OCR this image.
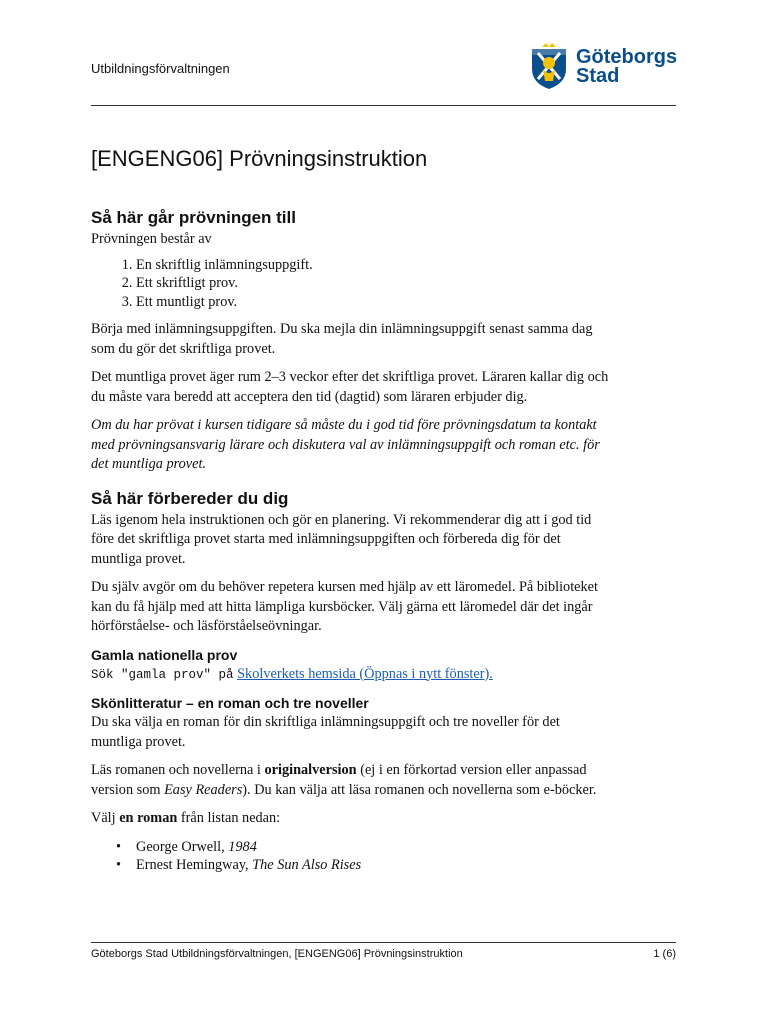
Utbildningsförvaltningen
Göteborgs
Stad
[ENGENG06] Prövningsinstruktion
Så här går prövningen till

Prövningen består av

1. En skriftlig inlämningsuppgift.
2. Ett skriftligt prov.
3. Ett muntligt prov.

Börja med inlämningsuppgiften. Du ska mejla din inlämningsuppgift senast samma dag som du gör det skriftliga provet.

Det muntliga provet äger rum 2–3 veckor efter det skriftliga provet. Läraren kallar dig och du måste vara beredd att acceptera den tid (dagtid) som läraren erbjuder dig.

Om du har prövat i kursen tidigare så måste du i god tid före prövningsdatum ta kontakt med prövningsansvarig lärare och diskutera val av inlämningsuppgift och roman etc. för det muntliga provet.

Så här förbereder du dig

Läs igenom hela instruktionen och gör en planering. Vi rekommenderar dig att i god tid före det skriftliga provet starta med inlämningsuppgiften och förbereda dig för det muntliga provet.

Du själv avgör om du behöver repetera kursen med hjälp av ett läromedel. På biblioteket kan du få hjälp med att hitta lämpliga kursböcker. Välj gärna ett läromedel där det ingår hörförståelse- och läsförståelseövningar.

Gamla nationella prov

Sök "gamla prov" på Skolverkets hemsida (Öppnas i nytt fönster).

Skönlitteratur – en roman och tre noveller

Du ska välja en roman för din skriftliga inlämningsuppgift och tre noveller för det muntliga provet.

Läs romanen och novellerna i originalversion (ej i en förkortad version eller anpassad version som Easy Readers). Du kan välja att läsa romanen och novellerna som e-böcker.

Välj en roman från listan nedan:

• George Orwell, 1984
• Ernest Hemingway, The Sun Also Rises
Göteborgs Stad Utbildningsförvaltningen, [ENGENG06] Prövningsinstruktion	1 (6)
